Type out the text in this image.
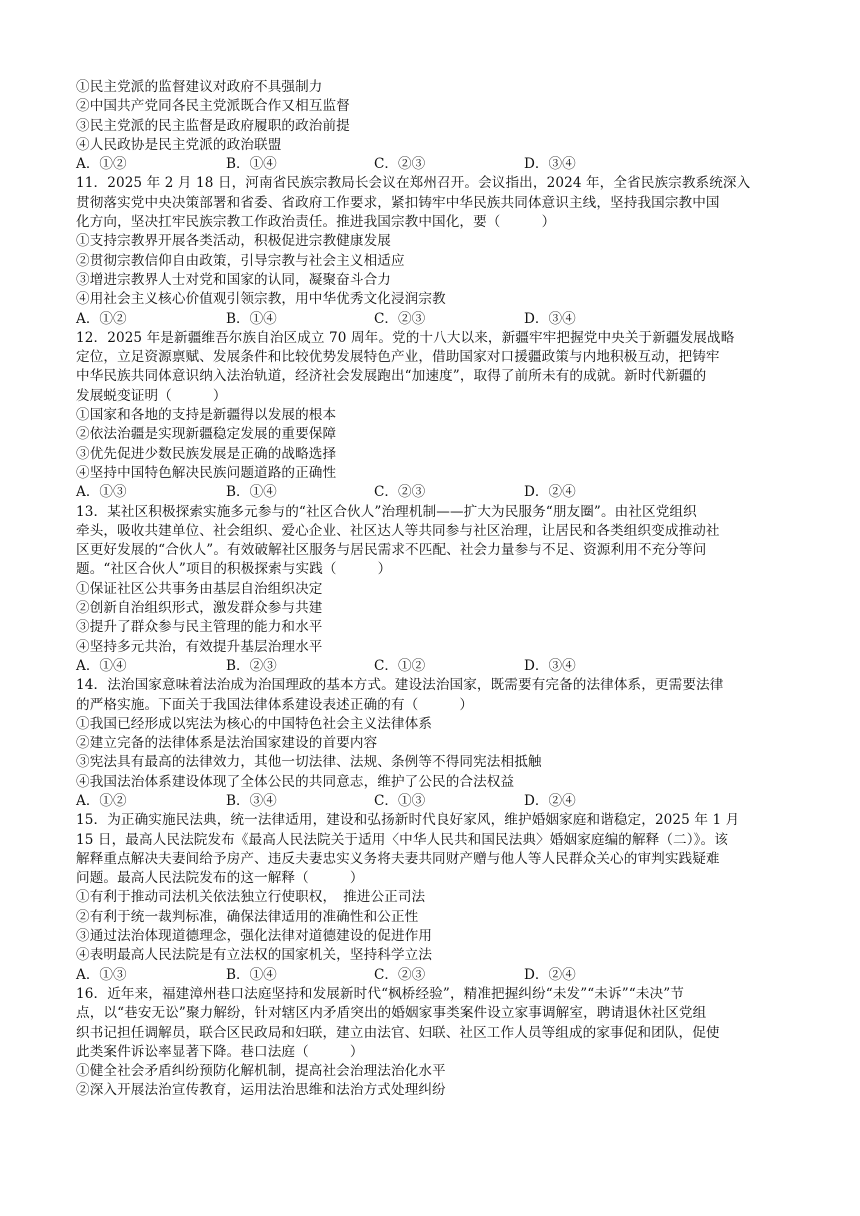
①民主党派的监督建议对政府不具强制力
②中国共产党同各民主党派既合作又相互监督
③民主党派的民主监督是政府履职的政治前提
④人民政协是民主党派的政治联盟
A．①②	B．①④	C．②③	D．③④
11．2025 年 2 月 18 日，河南省民族宗教局长会议在郑州召开。会议指出，2024 年，全省民族宗教系统深入
贯彻落实党中央决策部署和省委、省政府工作要求，紧扣铸牢中华民族共同体意识主线，坚持我国宗教中国
化方向，坚决扛牢民族宗教工作政治责任。推进我国宗教中国化，要（　　　）
①支持宗教界开展各类活动，积极促进宗教健康发展
②贯彻宗教信仰自由政策，引导宗教与社会主义相适应
③增进宗教界人士对党和国家的认同，凝聚奋斗合力
④用社会主义核心价值观引领宗教，用中华优秀文化浸润宗教
A．①②	B．①④	C．②③	D．③④
12．2025 年是新疆维吾尔族自治区成立 70 周年。党的十八大以来，新疆牢牢把握党中央关于新疆发展战略
定位，立足资源禀赋、发展条件和比较优势发展特色产业，借助国家对口援疆政策与内地积极互动，把铸牢
中华民族共同体意识纳入法治轨道，经济社会发展跑出“加速度”，取得了前所未有的成就。新时代新疆的
发展蜕变证明（　　　）
①国家和各地的支持是新疆得以发展的根本
②依法治疆是实现新疆稳定发展的重要保障
③优先促进少数民族发展是正确的战略选择
④坚持中国特色解决民族问题道路的正确性
A．①③	B．①④	C．②③	D．②④
13．某社区积极探索实施多元参与的“社区合伙人”治理机制——扩大为民服务“朋友圈”。由社区党组织
牵头，吸收共建单位、社会组织、爱心企业、社区达人等共同参与社区治理，让居民和各类组织变成推动社
区更好发展的“合伙人”。有效破解社区服务与居民需求不匹配、社会力量参与不足、资源利用不充分等问
题。“社区合伙人”项目的积极探索与实践（　　　）
①保证社区公共事务由基层自治组织决定
②创新自治组织形式，激发群众参与共建
③提升了群众参与民主管理的能力和水平
④坚持多元共治，有效提升基层治理水平
A．①④	B．②③	C．①②	D．③④
14．法治国家意味着法治成为治国理政的基本方式。建设法治国家，既需要有完备的法律体系，更需要法律
的严格实施。下面关于我国法律体系建设表述正确的有（　　　）
①我国已经形成以宪法为核心的中国特色社会主义法律体系
②建立完备的法律体系是法治国家建设的首要内容
③宪法具有最高的法律效力，其他一切法律、法规、条例等不得同宪法相抵触
④我国法治体系建设体现了全体公民的共同意志，维护了公民的合法权益
A．①②	B．③④	C．①③	D．②④
15．为正确实施民法典，统一法律适用，建设和弘扬新时代良好家风，维护婚姻家庭和谐稳定，2025 年 1 月
15 日，最高人民法院发布《最高人民法院关于适用〈中华人民共和国民法典〉婚姻家庭编的解释（二）》。该
解释重点解决夫妻间给予房产、违反夫妻忠实义务将夫妻共同财产赠与他人等人民群众关心的审判实践疑难
问题。最高人民法院发布的这一解释（　　　）
①有利于推动司法机关依法独立行使职权，　推进公正司法
②有利于统一裁判标准，确保法律适用的准确性和公正性
③通过法治体现道德理念，强化法律对道德建设的促进作用
④表明最高人民法院是有立法权的国家机关，坚持科学立法
A．①③	B．①④	C．②③	D．②④
16．近年来，福建漳州巷口法庭坚持和发展新时代“枫桥经验”，精准把握纠纷“未发”“未诉”“未决”节
点，以“巷安无讼”聚力解纷，针对辖区内矛盾突出的婚姻家事类案件设立家事调解室，聘请退休社区党组
织书记担任调解员，联合区民政局和妇联，建立由法官、妇联、社区工作人员等组成的家事促和团队，促使
此类案件诉讼率显著下降。巷口法庭（　　　）
①健全社会矛盾纠纷预防化解机制，提高社会治理法治化水平
②深入开展法治宣传教育，运用法治思维和法治方式处理纠纷
